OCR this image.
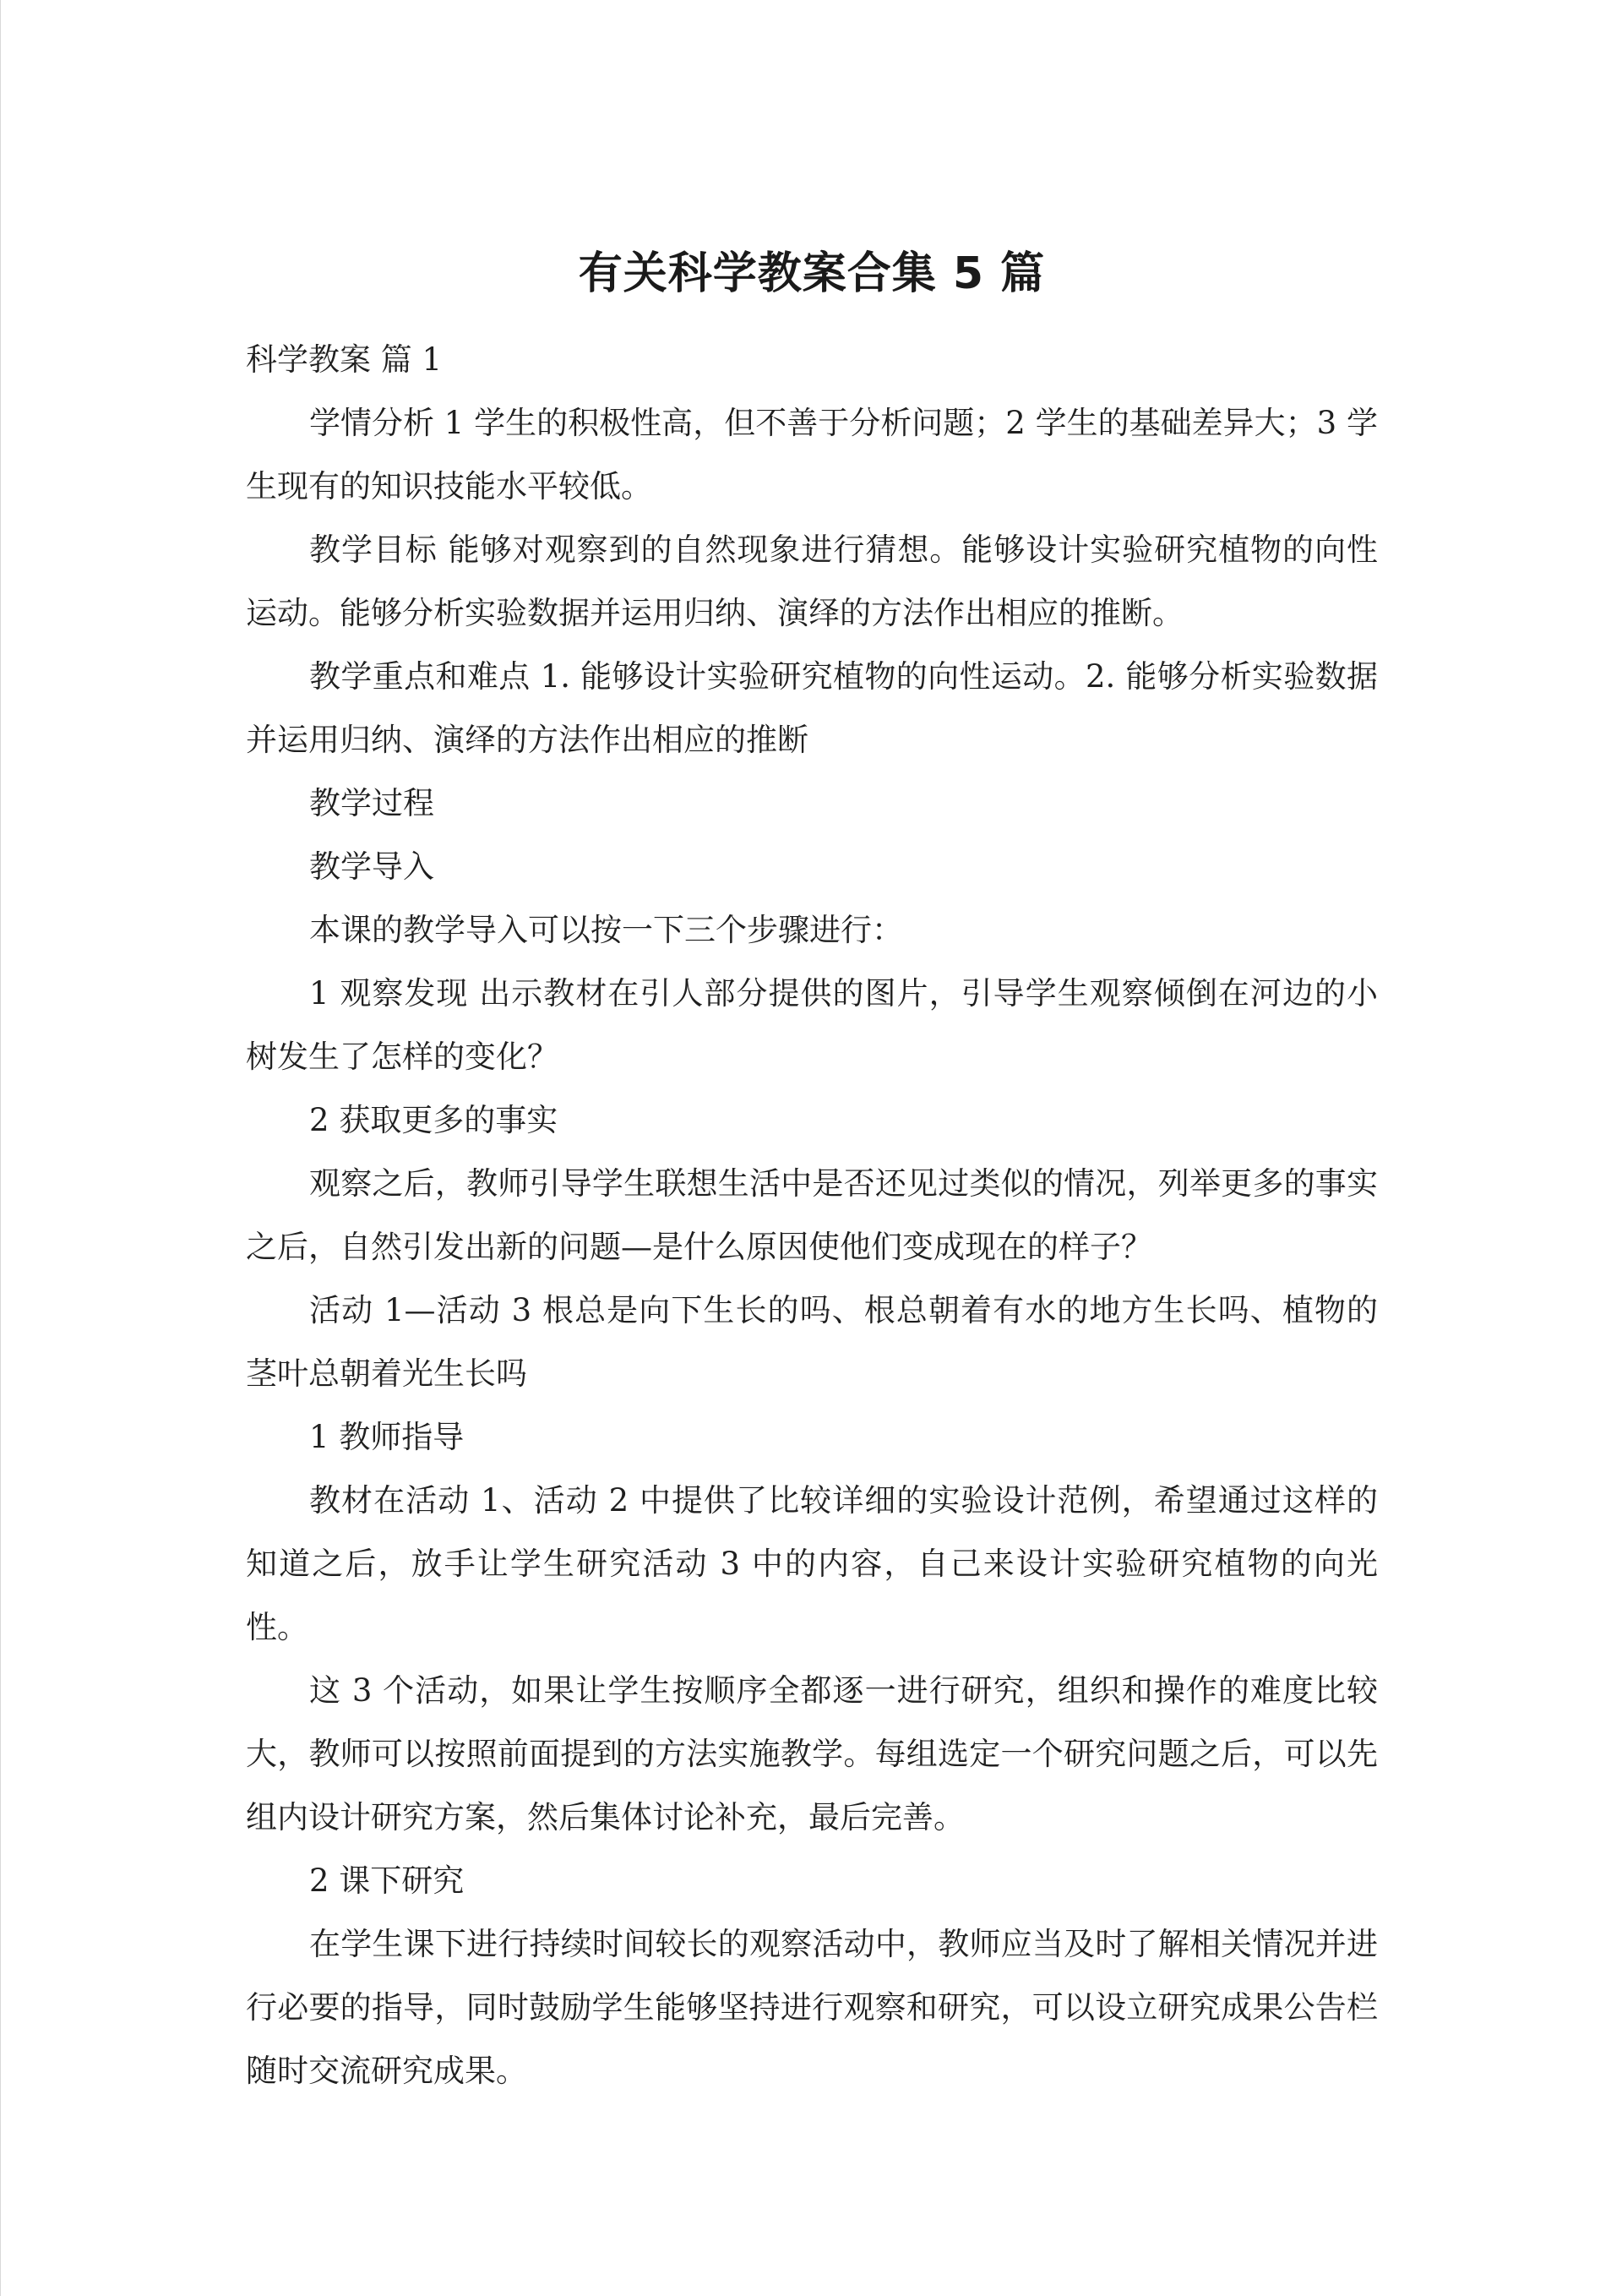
有关科学教案合集 5 篇

科学教案 篇 1

学情分析 1 学生的积极性高，但不善于分析问题；2 学生的基础差异大；3 学生现有的知识技能水平较低。

教学目标 能够对观察到的自然现象进行猜想。能够设计实验研究植物的向性运动。能够分析实验数据并运用归纳、演绎的方法作出相应的推断。

教学重点和难点 1. 能够设计实验研究植物的向性运动。2. 能够分析实验数据并运用归纳、演绎的方法作出相应的推断

教学过程

教学导入

本课的教学导入可以按一下三个步骤进行：

1 观察发现 出示教材在引人部分提供的图片，引导学生观察倾倒在河边的小树发生了怎样的变化？

2 获取更多的事实

观察之后，教师引导学生联想生活中是否还见过类似的情况，列举更多的事实之后，自然引发出新的问题—是什么原因使他们变成现在的样子？

活动 1—活动 3 根总是向下生长的吗、根总朝着有水的地方生长吗、植物的茎叶总朝着光生长吗

1 教师指导

教材在活动 1、活动 2 中提供了比较详细的实验设计范例，希望通过这样的知道之后，放手让学生研究活动 3 中的内容，自己来设计实验研究植物的向光性。

这 3 个活动，如果让学生按顺序全都逐一进行研究，组织和操作的难度比较大，教师可以按照前面提到的方法实施教学。每组选定一个研究问题之后，可以先组内设计研究方案，然后集体讨论补充，最后完善。

2 课下研究

在学生课下进行持续时间较长的观察活动中，教师应当及时了解相关情况并进行必要的指导，同时鼓励学生能够坚持进行观察和研究，可以设立研究成果公告栏随时交流研究成果。
